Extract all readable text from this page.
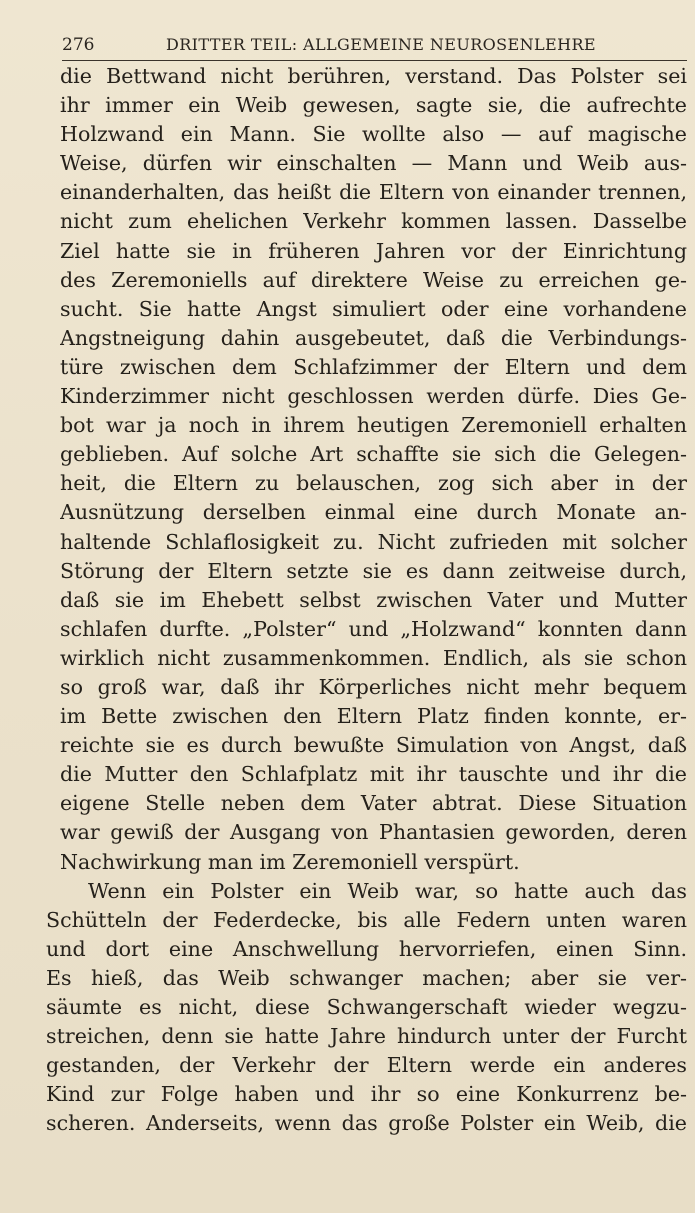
276	DRITTER TEIL: ALLGEMEINE NEUROSENLEHRE
die Bettwand nicht berühren, verstand. Das Polster sei
ihr immer ein Weib gewesen, sagte sie, die aufrechte
Holzwand ein Mann. Sie wollte also — auf magische
Weise, dürfen wir einschalten — Mann und Weib aus-
einanderhalten, das heißt die Eltern von einander trennen,
nicht zum ehelichen Verkehr kommen lassen. Dasselbe
Ziel hatte sie in früheren Jahren vor der Einrichtung
des Zeremoniells auf direktere Weise zu erreichen ge-
sucht. Sie hatte Angst simuliert oder eine vorhandene
Angstneigung dahin ausgebeutet, daß die Verbindungs-
türe zwischen dem Schlafzimmer der Eltern und dem
Kinderzimmer nicht geschlossen werden dürfe. Dies Ge-
bot war ja noch in ihrem heutigen Zeremoniell erhalten
geblieben. Auf solche Art schaffte sie sich die Gelegen-
heit, die Eltern zu belauschen, zog sich aber in der
Ausnützung derselben einmal eine durch Monate an-
haltende Schlaflosigkeit zu. Nicht zufrieden mit solcher
Störung der Eltern setzte sie es dann zeitweise durch,
daß sie im Ehebett selbst zwischen Vater und Mutter
schlafen durfte. „Polster“ und „Holzwand“ konnten dann
wirklich nicht zusammenkommen. Endlich, als sie schon
so groß war, daß ihr Körperliches nicht mehr bequem
im Bette zwischen den Eltern Platz finden konnte, er-
reichte sie es durch bewußte Simulation von Angst, daß
die Mutter den Schlafplatz mit ihr tauschte und ihr die
eigene Stelle neben dem Vater abtrat. Diese Situation
war gewiß der Ausgang von Phantasien geworden, deren
Nachwirkung man im Zeremoniell verspürt.
Wenn ein Polster ein Weib war, so hatte auch das
Schütteln der Federdecke, bis alle Federn unten waren
und dort eine Anschwellung hervorriefen, einen Sinn.
Es hieß, das Weib schwanger machen; aber sie ver-
säumte es nicht, diese Schwangerschaft wieder wegzu-
streichen, denn sie hatte Jahre hindurch unter der Furcht
gestanden, der Verkehr der Eltern werde ein anderes
Kind zur Folge haben und ihr so eine Konkurrenz be-
scheren. Anderseits, wenn das große Polster ein Weib, die
